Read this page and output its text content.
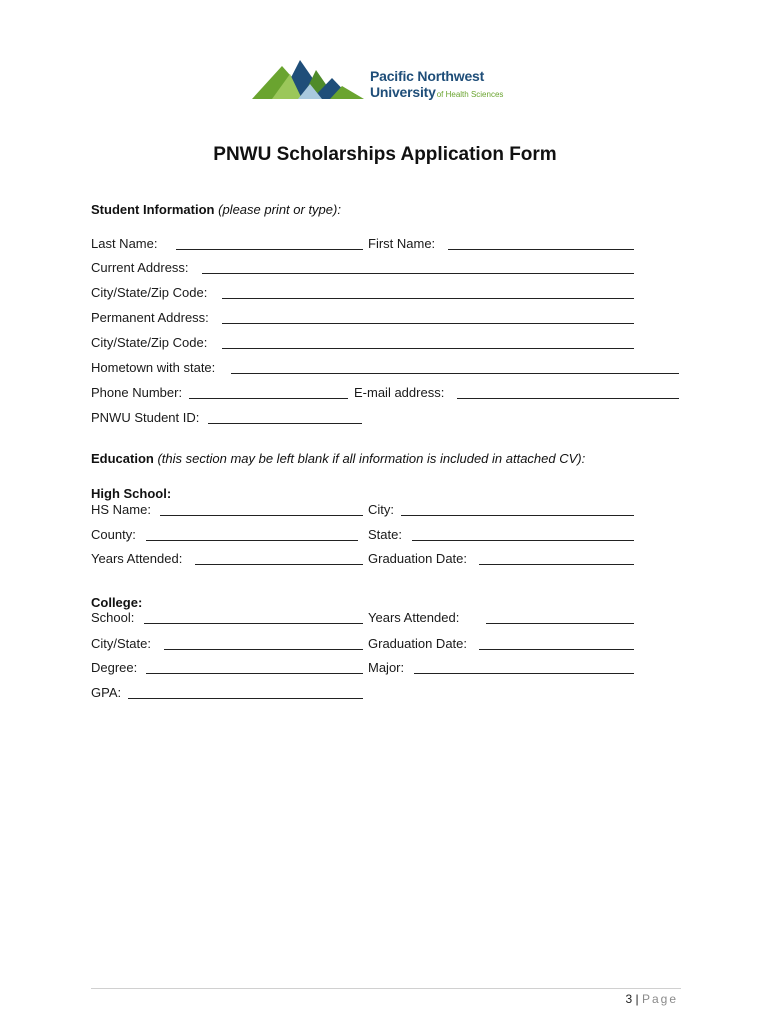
Pacific Northwest
Universityof Health Sciences
PNWU Scholarships Application Form
Student Information (please print or type):
Last Name:	First Name:
Current Address:
City/State/Zip Code:
Permanent Address:
City/State/Zip Code:
Hometown with state:
Phone Number:	E-mail address:
PNWU Student ID:
Education (this section may be left blank if all information is included in attached CV):
High School:
HS Name:	City:
County:	State:
Years Attended:	Graduation Date:
College:
School:	Years Attended:
City/State:	Graduation Date:
Degree:	Major:
GPA:
3 | Page
